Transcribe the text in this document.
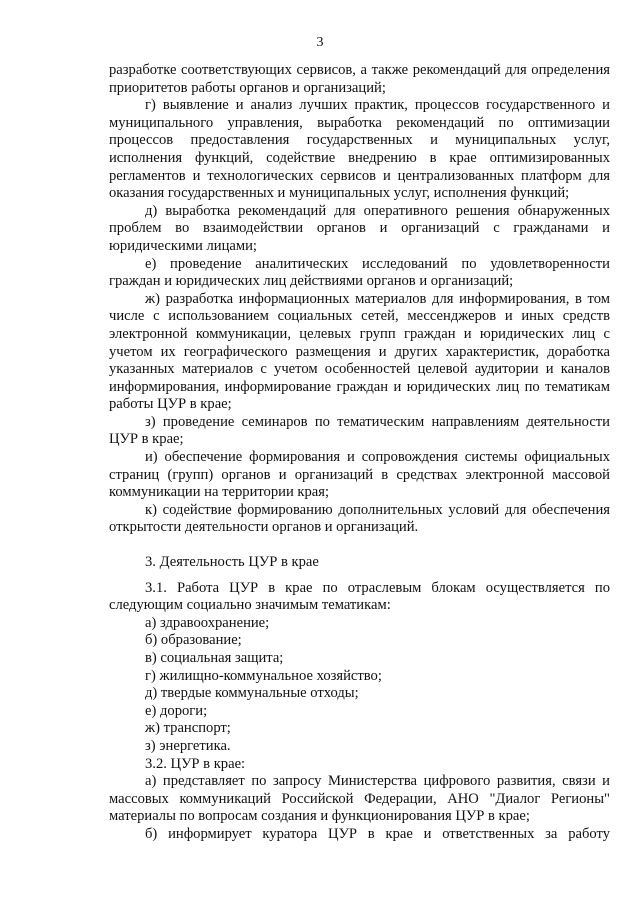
3

разработке соответствующих сервисов, а также рекомендаций для определения приоритетов работы органов и организаций;

г) выявление и анализ лучших практик, процессов государственного и муниципального управления, выработка рекомендаций по оптимизации процессов предоставления государственных и муниципальных услуг, исполнения функций, содействие внедрению в крае оптимизированных регламентов и технологических сервисов и централизованных платформ для оказания государственных и муниципальных услуг, исполнения функций;

д) выработка рекомендаций для оперативного решения обнаруженных проблем во взаимодействии органов и организаций с гражданами и юридическими лицами;

е) проведение аналитических исследований по удовлетворенности граждан и юридических лиц действиями органов и организаций;

ж) разработка информационных материалов для информирования, в том числе с использованием социальных сетей, мессенджеров и иных средств электронной коммуникации, целевых групп граждан и юридических лиц с учетом их географического размещения и других характеристик, доработка указанных материалов с учетом особенностей целевой аудитории и каналов информирования, информирование граждан и юридических лиц по тематикам работы ЦУР в крае;

з) проведение семинаров по тематическим направлениям деятельности ЦУР в крае;

и) обеспечение формирования и сопровождения системы официальных страниц (групп) органов и организаций в средствах электронной массовой коммуникации на территории края;

к) содействие формированию дополнительных условий для обеспечения открытости деятельности органов и организаций.

3. Деятельность ЦУР в крае

3.1. Работа ЦУР в крае по отраслевым блокам осуществляется по следующим социально значимым тематикам:

а) здравоохранение;

б) образование;

в) социальная защита;

г) жилищно-коммунальное хозяйство;

д) твердые коммунальные отходы;

е) дороги;

ж) транспорт;

з) энергетика.

3.2. ЦУР в крае:

а) представляет по запросу Министерства цифрового развития, связи и массовых коммуникаций Российской Федерации, АНО "Диалог Регионы" материалы по вопросам создания и функционирования ЦУР в крае;

б) информирует куратора ЦУР в крае и ответственных за работу
